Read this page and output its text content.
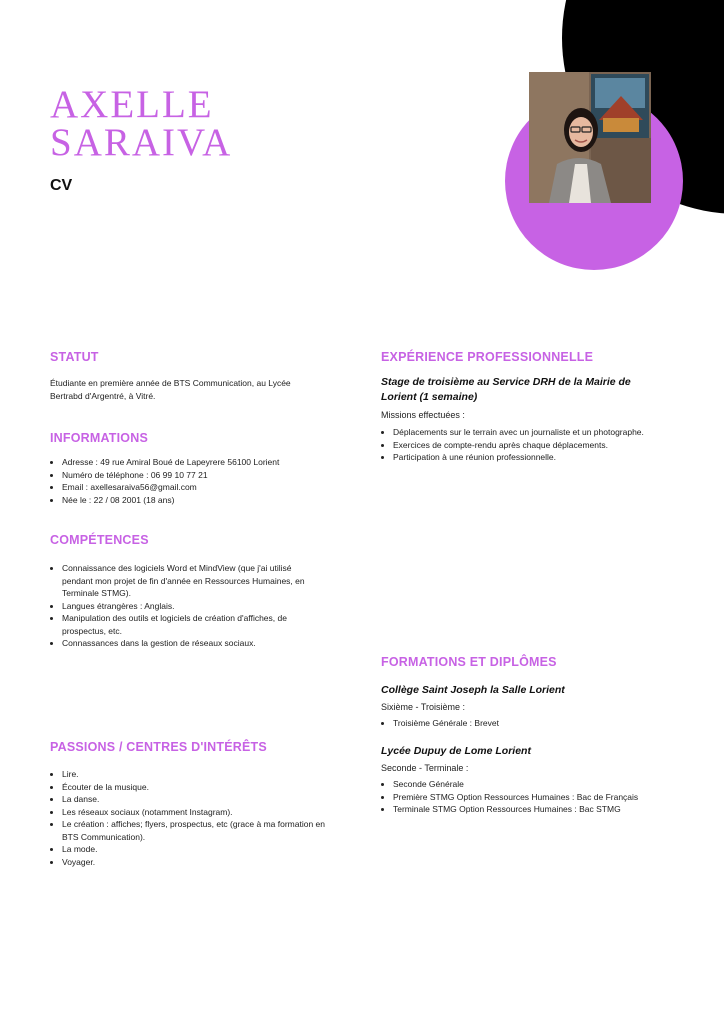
AXELLE
SARAIVA
CV
STATUT
Étudiante en première année de BTS Communication, au Lycée Bertrabd d'Argentré, à Vitré.
INFORMATIONS
• Adresse : 49 rue Amiral Boué de Lapeyrere 56100 Lorient
• Numéro de téléphone : 06 99 10 77 21
• Email : axellesaraiva56@gmail.com
• Née le : 22 / 08 2001 (18 ans)
COMPÉTENCES
• Connaissance des logiciels Word et MindView (que j'ai utilisé pendant mon projet de fin d'année en Ressources Humaines, en Terminale STMG).
• Langues étrangères : Anglais.
• Manipulation des outils et logiciels de création d'affiches, de prospectus, etc.
• Connassances dans la gestion de réseaux sociaux.
PASSIONS / CENTRES D'INTÉRÊTS
• Lire.
• Écouter de la musique.
• La danse.
• Les réseaux sociaux (notamment Instagram).
• Le création : affiches; flyers, prospectus, etc (grace à ma formation en BTS Communication).
• La mode.
• Voyager.
EXPÉRIENCE PROFESSIONNELLE
Stage de troisième au Service DRH de la Mairie de Lorient (1 semaine)
Missions effectuées :
• Déplacements sur le terrain avec un journaliste et un photographe.
• Exercices de compte-rendu après chaque déplacements.
• Participation à une réunion professionnelle.
FORMATIONS ET DIPLÔMES
Collège Saint Joseph la Salle Lorient
Sixième - Troisième :
• Troisième Générale : Brevet
Lycée Dupuy de Lome Lorient
Seconde - Terminale :
• Seconde Générale
• Première STMG Option Ressources Humaines : Bac de Français
• Terminale STMG Option Ressources Humaines : Bac STMG
